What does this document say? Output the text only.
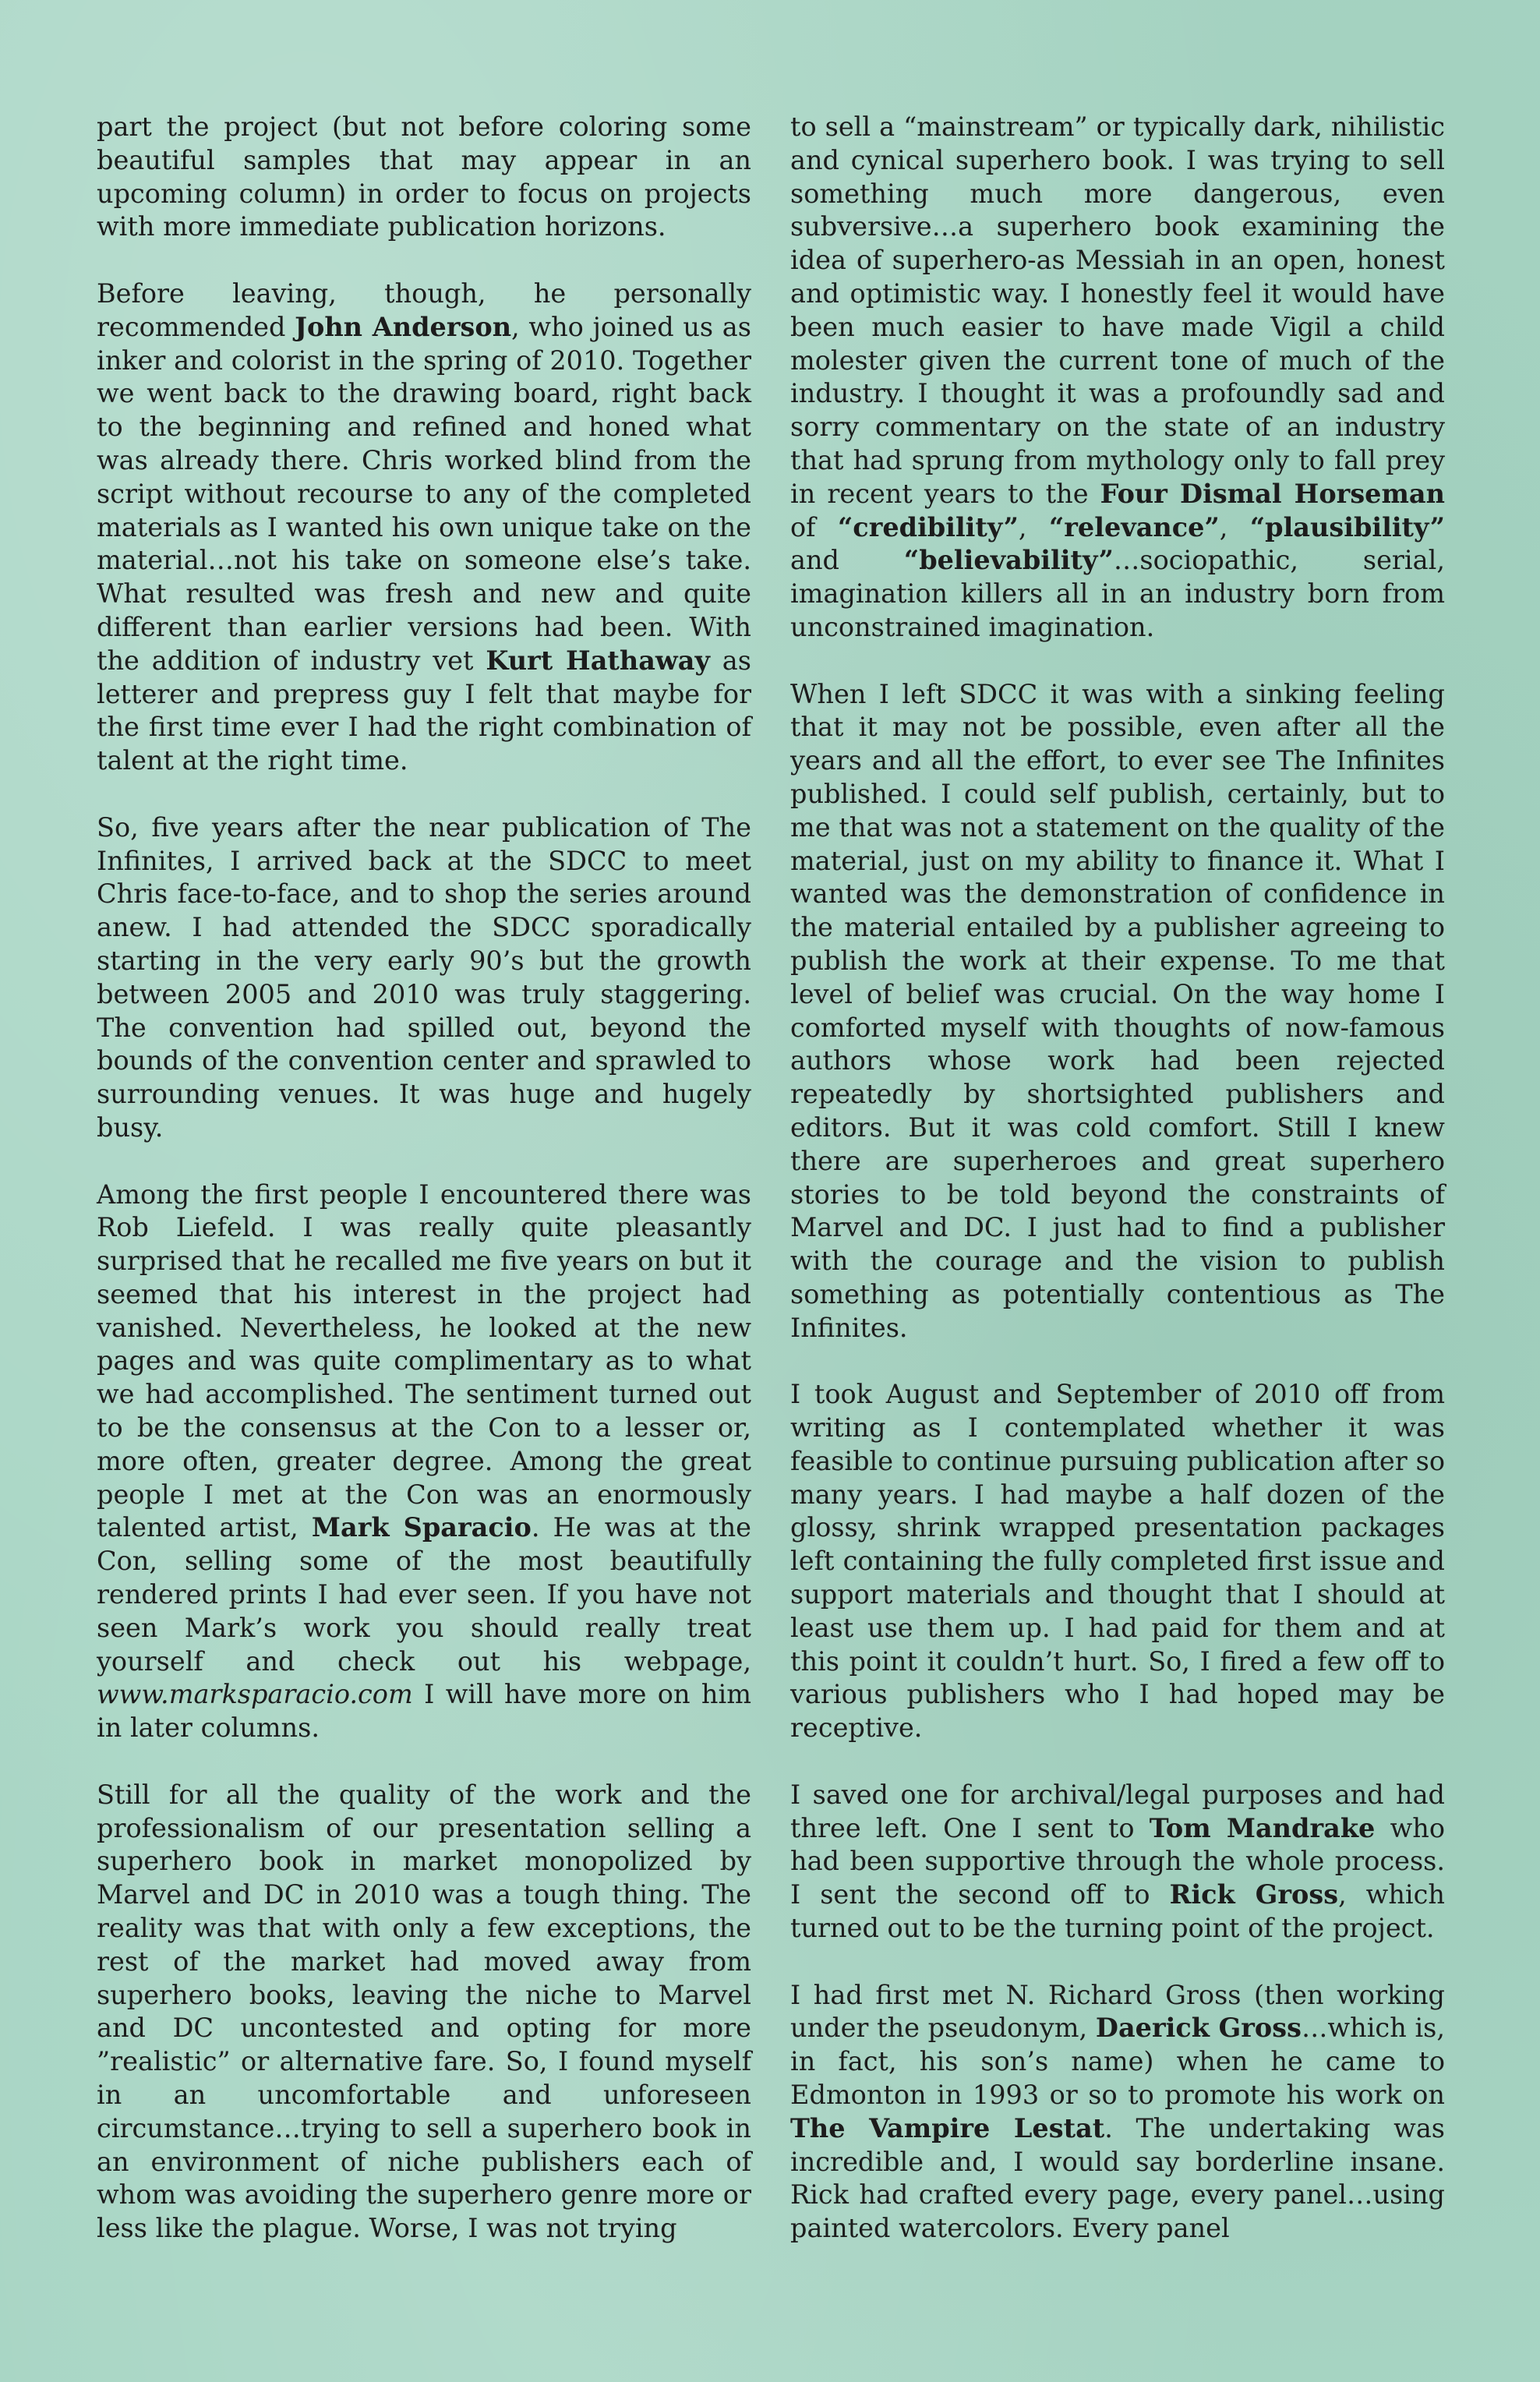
part the project (but not before coloring some beautiful samples that may appear in an upcoming column) in order to focus on projects with more immediate publication horizons.

Before leaving, though, he personally recommended John Anderson, who joined us as inker and colorist in the spring of 2010. Together we went back to the drawing board, right back to the beginning and refined and honed what was already there. Chris worked blind from the script without recourse to any of the completed materials as I wanted his own unique take on the material…not his take on someone else’s take. What resulted was fresh and new and quite different than earlier versions had been. With the addition of industry vet Kurt Hathaway as letterer and prepress guy I felt that maybe for the first time ever I had the right combination of talent at the right time.

So, five years after the near publication of The Infinites, I arrived back at the SDCC to meet Chris face-to-face, and to shop the series around anew. I had attended the SDCC sporadically starting in the very early 90’s but the growth between 2005 and 2010 was truly staggering. The convention had spilled out, beyond the bounds of the convention center and sprawled to surrounding venues. It was huge and hugely busy.

Among the first people I encountered there was Rob Liefeld. I was really quite pleasantly surprised that he recalled me five years on but it seemed that his interest in the project had vanished. Nevertheless, he looked at the new pages and was quite complimentary as to what we had accomplished. The sentiment turned out to be the consensus at the Con to a lesser or, more often, greater degree. Among the great people I met at the Con was an enormously talented artist, Mark Sparacio. He was at the Con, selling some of the most beautifully rendered prints I had ever seen. If you have not seen Mark’s work you should really treat yourself and check out his webpage, www.marksparacio.com I will have more on him in later columns.

Still for all the quality of the work and the professionalism of our presentation selling a superhero book in market monopolized by Marvel and DC in 2010 was a tough thing. The reality was that with only a few exceptions, the rest of the market had moved away from superhero books, leaving the niche to Marvel and DC uncontested and opting for more ”realistic” or alternative fare. So, I found myself in an uncomfortable and unforeseen circumstance…trying to sell a superhero book in an environment of niche publishers each of whom was avoiding the superhero genre more or less like the plague. Worse, I was not trying

to sell a “mainstream” or typically dark, nihilistic and cynical superhero book. I was trying to sell something much more dangerous, even subversive…a superhero book examining the idea of superhero-as Messiah in an open, honest and optimistic way. I honestly feel it would have been much easier to have made Vigil a child molester given the current tone of much of the industry. I thought it was a profoundly sad and sorry commentary on the state of an industry that had sprung from mythology only to fall prey in recent years to the Four Dismal Horseman of “credibility”, “relevance”, “plausibility” and “believability”…sociopathic, serial, imagination killers all in an industry born from unconstrained imagination.

When I left SDCC it was with a sinking feeling that it may not be possible, even after all the years and all the effort, to ever see The Infinites published. I could self publish, certainly, but to me that was not a statement on the quality of the material, just on my ability to finance it. What I wanted was the demonstration of confidence in the material entailed by a publisher agreeing to publish the work at their expense. To me that level of belief was crucial. On the way home I comforted myself with thoughts of now-famous authors whose work had been rejected repeatedly by shortsighted publishers and editors. But it was cold comfort. Still I knew there are superheroes and great superhero stories to be told beyond the constraints of Marvel and DC. I just had to find a publisher with the courage and the vision to publish something as potentially contentious as The Infinites.

I took August and September of 2010 off from writing as I contemplated whether it was feasible to continue pursuing publication after so many years. I had maybe a half dozen of the glossy, shrink wrapped presentation packages left containing the fully completed first issue and support materials and thought that I should at least use them up. I had paid for them and at this point it couldn’t hurt. So, I fired a few off to various publishers who I had hoped may be receptive.

I saved one for archival/legal purposes and had three left. One I sent to Tom Mandrake who had been supportive through the whole process. I sent the second off to Rick Gross, which turned out to be the turning point of the project.

I had first met N. Richard Gross (then working under the pseudonym, Daerick Gross…which is, in fact, his son’s name) when he came to Edmonton in 1993 or so to promote his work on The Vampire Lestat. The undertaking was incredible and, I would say borderline insane. Rick had crafted every page, every panel…using painted watercolors. Every panel
